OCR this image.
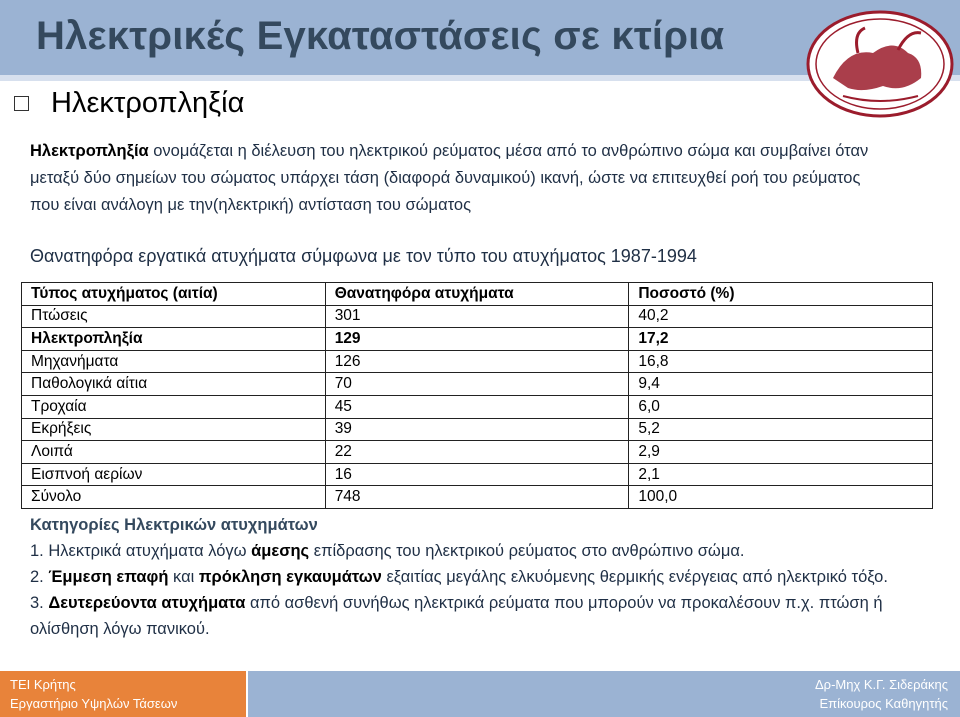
Ηλεκτρικές Εγκαταστάσεις σε κτίρια
Ηλεκτροπληξία
Ηλεκτροπληξία ονομάζεται η διέλευση του ηλεκτρικού ρεύματος μέσα από το ανθρώπινο σώμα και συμβαίνει όταν μεταξύ δύο σημείων του σώματος υπάρχει τάση (διαφορά δυναμικού) ικανή, ώστε να επιτευχθεί ροή του ρεύματος που είναι ανάλογη με την(ηλεκτρική) αντίσταση του σώματος
Θανατηφόρα εργατικά ατυχήματα σύμφωνα με τον τύπο του ατυχήματος 1987-1994
Τύπος ατυχήματος (αιτία)	Θανατηφόρα ατυχήματα	Ποσοστό (%)
Πτώσεις	301	40,2
Ηλεκτροπληξία	129	17,2
Μηχανήματα	126	16,8
Παθολογικά αίτια	70	9,4
Τροχαία	45	6,0
Εκρήξεις	39	5,2
Λοιπά	22	2,9
Εισπνοή αερίων	16	2,1
Σύνολο	748	100,0
Κατηγορίες Ηλεκτρικών ατυχημάτων
1. Ηλεκτρικά ατυχήματα λόγω άμεσης επίδρασης του ηλεκτρικού ρεύματος στο ανθρώπινο σώμα.
2. Έμμεση επαφή και πρόκληση εγκαυμάτων εξαιτίας μεγάλης ελκυόμενης θερμικής ενέργειας από ηλεκτρικό τόξο.
3. Δευτερεύοντα ατυχήματα από ασθενή συνήθως ηλεκτρικά ρεύματα που μπορούν να προκαλέσουν π.χ. πτώση ή ολίσθηση λόγω πανικού.
ΤΕΙ Κρήτης
Εργαστήριο Υψηλών Τάσεων
Δρ-Μηχ Κ.Γ. Σιδεράκης
Επίκουρος Καθηγητής
